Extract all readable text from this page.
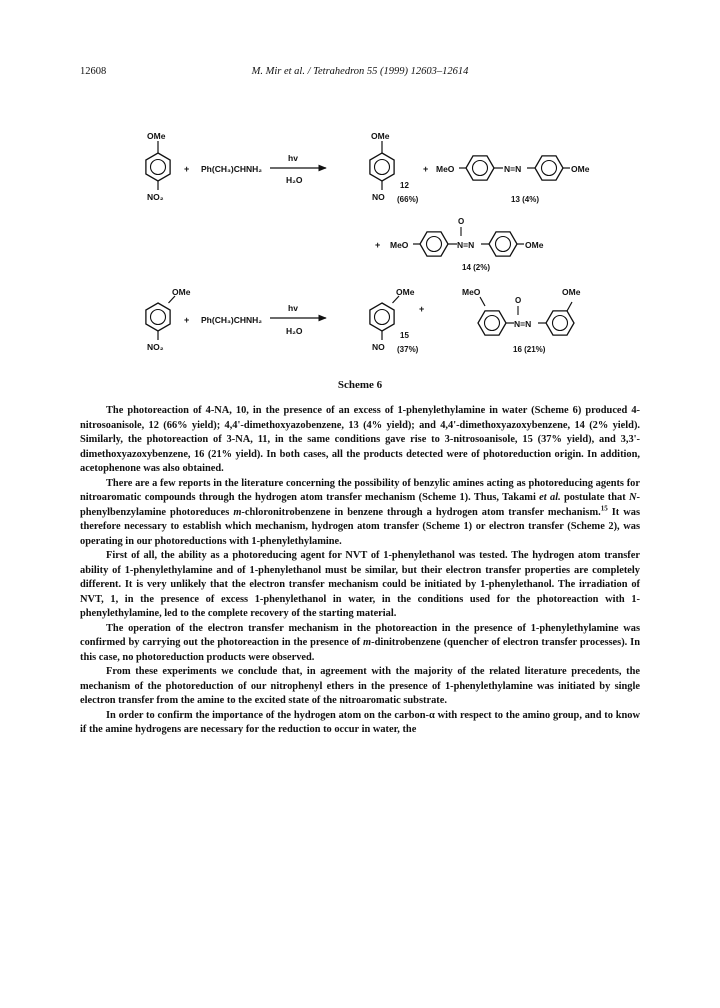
12608	M. Mir et al. / Tetrahedron 55 (1999) 12603–12614
OMe
NO₂
+ Ph(CH₃)CHNH₂
hv
H₂O
OMe
NO
12
(66%)
+ MeO	N=N	OMe
13 (4%)
+ MeO
O
N=N	OMe
14 (2%)
OMe
NO₂
+ Ph(CH₃)CHNH₂
hv
H₂O
OMe
NO
15
(37%)
+
MeO
O
N=N
OMe
16 (21%)
Scheme 6

The photoreaction of 4-NA, 10, in the presence of an excess of 1-phenylethylamine in water (Scheme 6) produced 4-nitrosoanisole, 12 (66% yield); 4,4'-dimethoxyazobenzene, 13 (4% yield); and 4,4'-dimethoxyazoxybenzene, 14 (2% yield). Similarly, the photoreaction of 3-NA, 11, in the same conditions gave rise to 3-nitrosoanisole, 15 (37% yield), and 3,3'-dimethoxyazoxybenzene, 16 (21% yield). In both cases, all the products detected were of photoreduction origin. In addition, acetophenone was also obtained.

There are a few reports in the literature concerning the possibility of benzylic amines acting as photoreducing agents for nitroaromatic compounds through the hydrogen atom transfer mechanism (Scheme 1). Thus, Takami et al. postulate that N-phenylbenzylamine photoreduces m-chloronitrobenzene in benzene through a hydrogen atom transfer mechanism.$^{15}$ It was therefore necessary to establish which mechanism, hydrogen atom transfer (Scheme 1) or electron transfer (Scheme 2), was operating in our photoreductions with 1-phenylethylamine.

First of all, the ability as a photoreducing agent for NVT of 1-phenylethanol was tested. The hydrogen atom transfer ability of 1-phenylethylamine and of 1-phenylethanol must be similar, but their electron transfer properties are completely different. It is very unlikely that the electron transfer mechanism could be initiated by 1-phenylethanol. The irradiation of NVT, 1, in the presence of excess 1-phenylethanol in water, in the conditions used for the photoreaction with 1-phenylethylamine, led to the complete recovery of the starting material.

The operation of the electron transfer mechanism in the photoreaction in the presence of 1-phenylethylamine was confirmed by carrying out the photoreaction in the presence of m-dinitrobenzene (quencher of electron transfer processes). In this case, no photoreduction products were observed.

From these experiments we conclude that, in agreement with the majority of the related literature precedents, the mechanism of the photoreduction of our nitrophenyl ethers in the presence of 1-phenylethylamine was initiated by single electron transfer from the amine to the excited state of the nitroaromatic substrate.

In order to confirm the importance of the hydrogen atom on the carbon-α with respect to the amino group, and to know if the amine hydrogens are necessary for the reduction to occur in water, the
